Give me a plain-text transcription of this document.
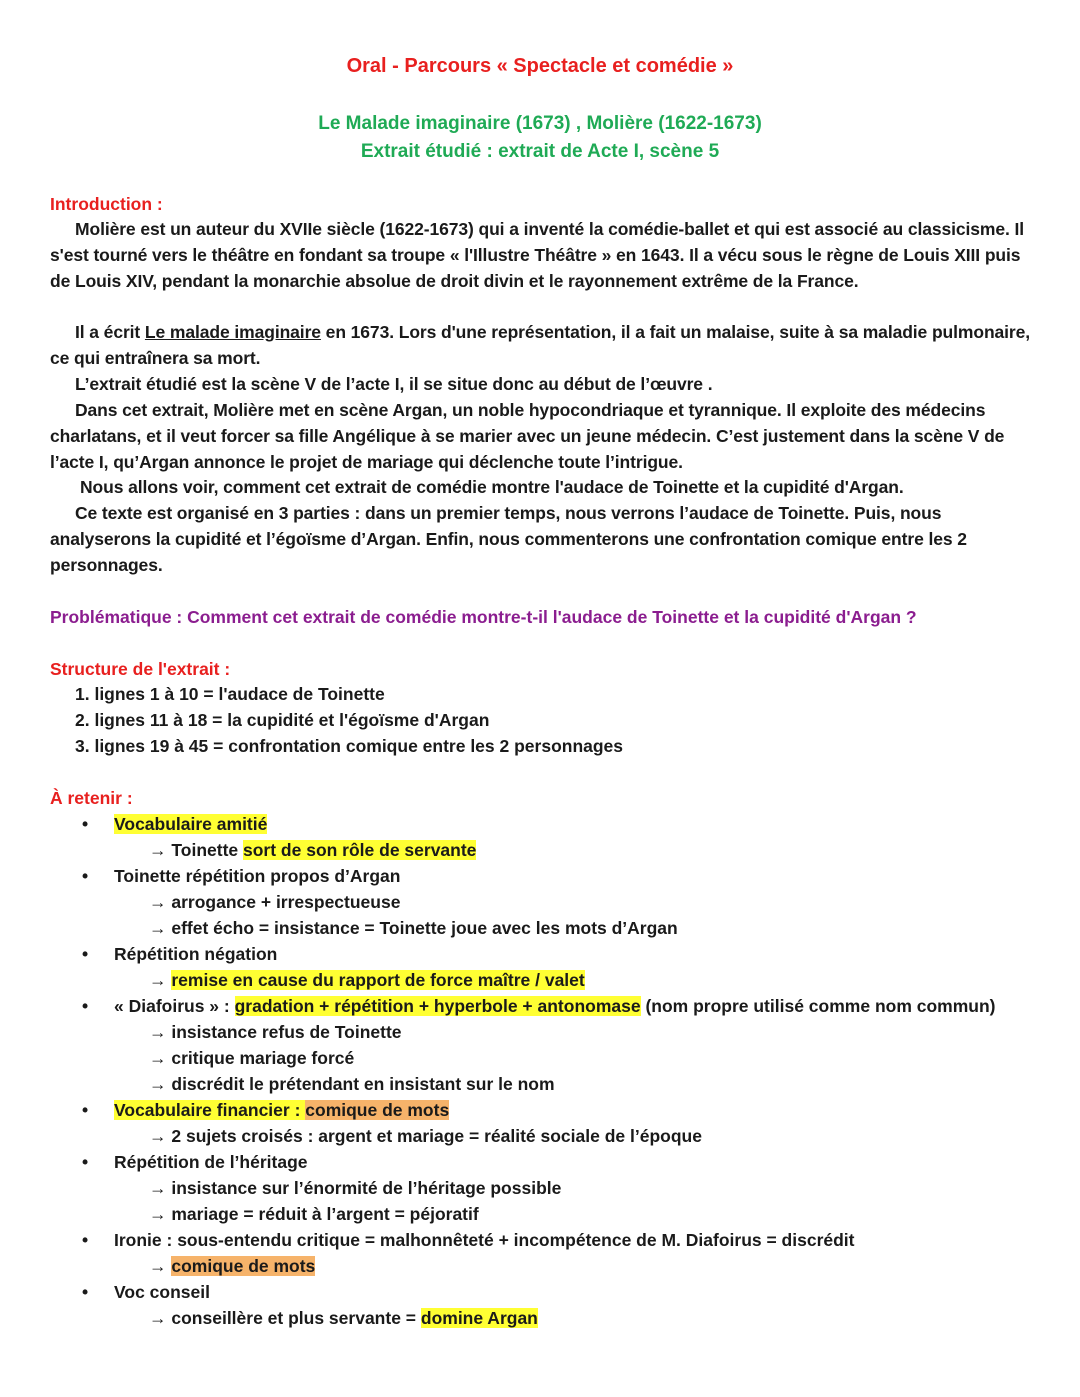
Oral - Parcours « Spectacle et comédie »
Le Malade imaginaire (1673) , Molière (1622-1673)
Extrait étudié : extrait de Acte I, scène 5
Introduction :
Molière est un auteur du XVIIe siècle (1622-1673) qui a inventé la comédie-ballet et qui est associé au classicisme. Il s'est tourné vers le théâtre en fondant sa troupe « l'Illustre Théâtre » en 1643. Il a vécu sous le règne de Louis XIII puis de Louis XIV, pendant la monarchie absolue de droit divin et le rayonnement extrême de la France.
Il a écrit Le malade imaginaire en 1673. Lors d'une représentation, il a fait un malaise, suite à sa maladie pulmonaire, ce qui entraînera sa mort.
L’extrait étudié est la scène V de l’acte I, il se situe donc au début de l’œuvre .
Dans cet extrait, Molière met en scène Argan, un noble hypocondriaque et tyrannique. Il exploite des médecins charlatans, et il veut forcer sa fille Angélique à se marier avec un jeune médecin. C’est justement dans la scène V de l’acte I, qu’Argan annonce le projet de mariage qui déclenche toute l’intrigue.
Nous allons voir, comment cet extrait de comédie montre l'audace de Toinette et la cupidité d'Argan.
Ce texte est organisé en 3 parties : dans un premier temps, nous verrons l’audace de Toinette. Puis, nous analyserons la cupidité et l’égoïsme d’Argan. Enfin, nous commenterons une confrontation comique entre les 2 personnages.
Problématique : Comment cet extrait de comédie montre-t-il l'audace de Toinette et la cupidité d'Argan ?
Structure de l'extrait :
1. lignes 1 à 10 = l'audace de Toinette
2. lignes 11 à 18 = la cupidité et l'égoïsme d'Argan
3. lignes 19 à 45 = confrontation comique entre les 2 personnages
À retenir :
• Vocabulaire amitié
→ Toinette sort de son rôle de servante
• Toinette répétition propos d’Argan
→ arrogance + irrespectueuse
→ effet écho = insistance = Toinette joue avec les mots d’Argan
• Répétition négation
→ remise en cause du rapport de force maître / valet
• « Diafoirus » : gradation + répétition + hyperbole + antonomase (nom propre utilisé comme nom commun)
→ insistance refus de Toinette
→ critique mariage forcé
→ discrédit le prétendant en insistant sur le nom
• Vocabulaire financier : comique de mots
→ 2 sujets croisés : argent et mariage = réalité sociale de l’époque
• Répétition de l’héritage
→ insistance sur l’énormité de l’héritage possible
→ mariage = réduit à l’argent = péjoratif
• Ironie : sous-entendu critique = malhonnêteté + incompétence de M. Diafoirus = discrédit
→ comique de mots
• Voc conseil
→ conseillère et plus servante = domine Argan
